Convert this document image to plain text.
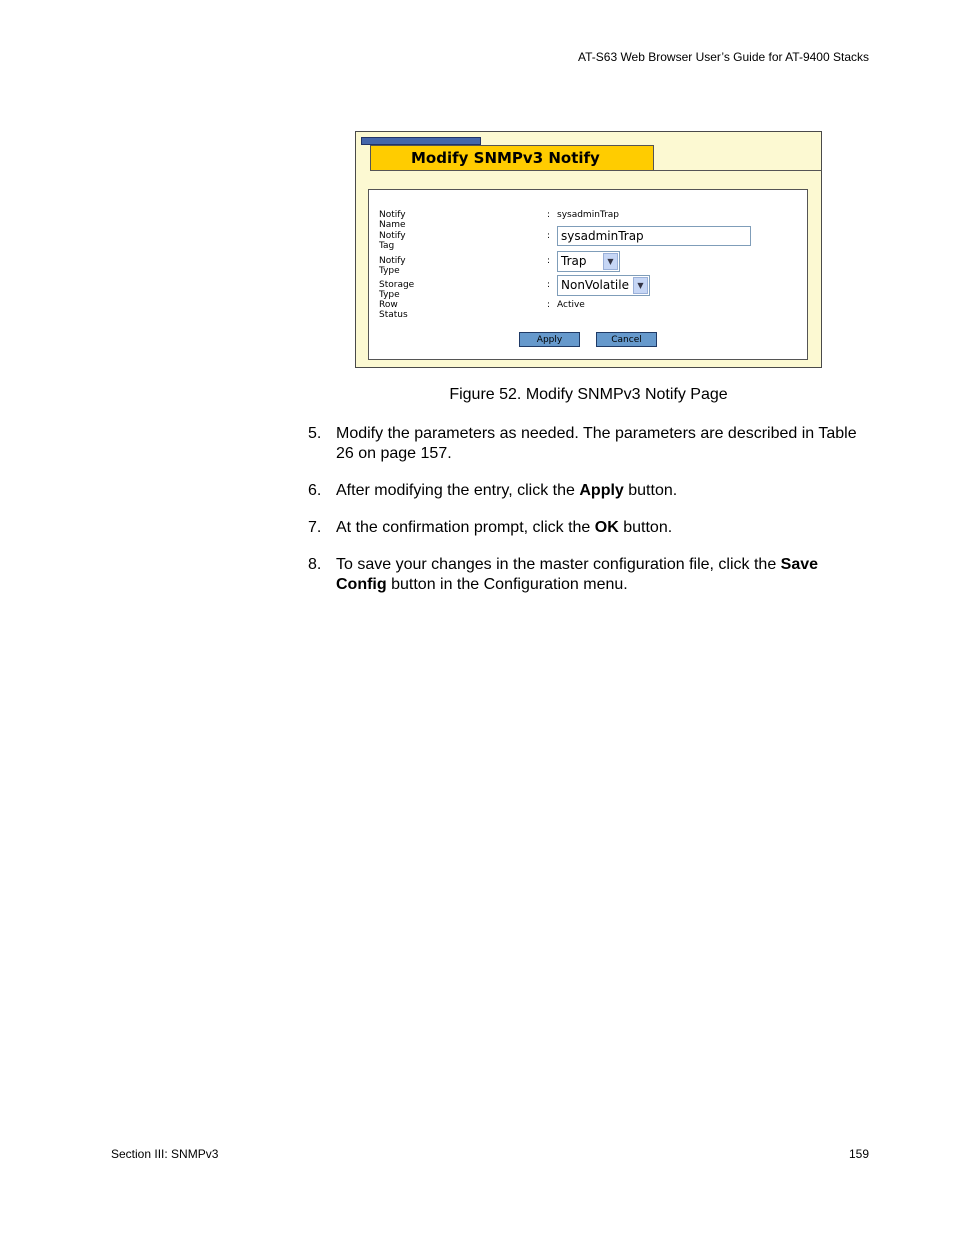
AT-S63 Web Browser User’s Guide for AT-9400 Stacks
Modify SNMPv3 Notify
Notify Name
: sysadminTrap
Notify Tag
: sysadminTrap
Notify Type
: Trap	▼
Storage Type
: NonVolatile	▼
Row Status
: Active
Apply	Cancel
Figure 52. Modify SNMPv3 Notify Page
5. Modify the parameters as needed. The parameters are described in Table 26 on page 157.
6. After modifying the entry, click the Apply button.
7. At the confirmation prompt, click the OK button.
8. To save your changes in the master configuration file, click the Save Config button in the Configuration menu.
Section III: SNMPv3	159
